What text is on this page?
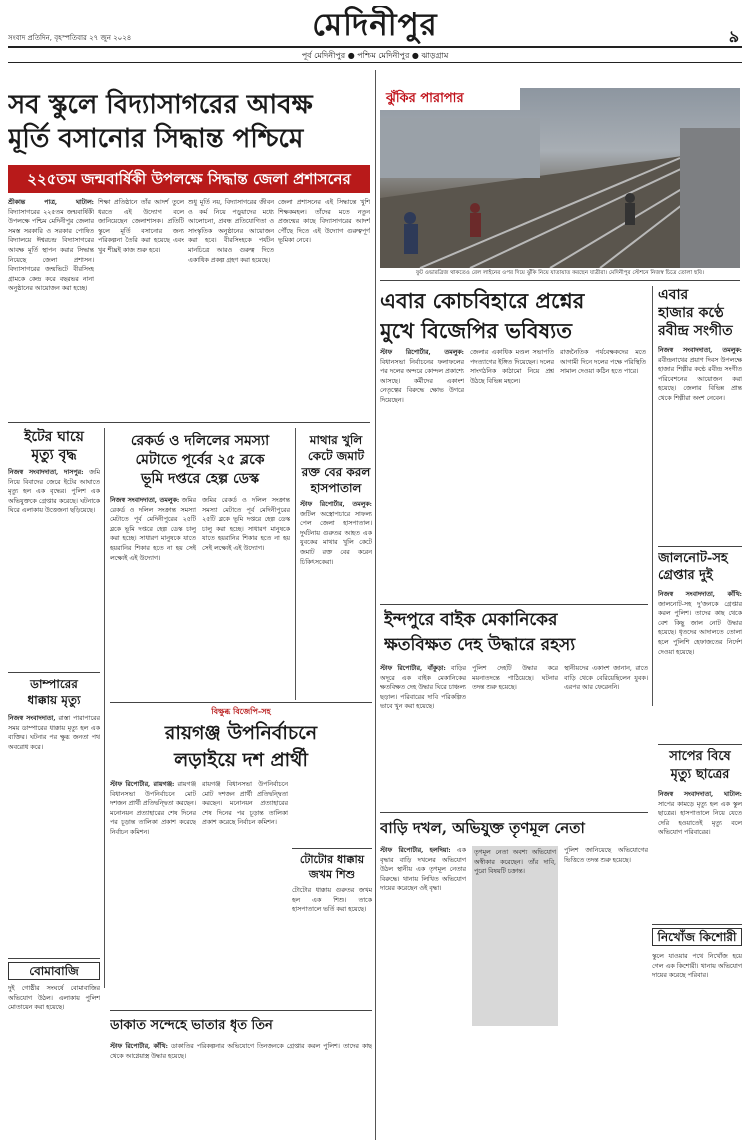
সংবাদ প্রতিদিন, বৃহস্পতিবার ২৭ জুন ২০২৪	মেদিনীপুর	৯
পূর্ব মেদিনীপুর ● পশ্চিম মেদিনীপুর ● ঝাড়গ্রাম
সব স্কুলে বিদ্যাসাগরের আবক্ষ
মূর্তি বসানোর সিদ্ধান্ত পশ্চিমে
২২৫তম জন্মবার্ষিকী উপলক্ষে সিদ্ধান্ত জেলা প্রশাসনের
শ্রীকান্ত পাত্র, ঘাটাল: বিদ্যাসাগরের ২২৫তম জন্মবার্ষিকী উপলক্ষে পশ্চিম মেদিনীপুর জেলার সমস্ত সরকারি ও সরকার পোষিত বিদ্যালয়ে ঈশ্বরচন্দ্র বিদ্যাসাগরের আবক্ষ মূর্তি স্থাপন করার সিদ্ধান্ত নিয়েছে জেলা প্রশাসন। বিদ্যাসাগরের জন্মভিটে বীরসিংহ গ্রামকে কেন্দ্র করে বছরভর নানা অনুষ্ঠানের আয়োজন করা হচ্ছে।
শিক্ষা প্রতিষ্ঠানে তাঁর আদর্শ তুলে ধরতে এই উদ্যোগ বলে জানিয়েছেন জেলাশাসক। প্রতিটি স্কুলে মূর্তি বসানোর জন্য পরিকল্পনা তৈরি করা হয়েছে এবং খুব শীঘ্রই কাজ শুরু হবে।
শুধু মূর্তি নয়, বিদ্যাসাগরের জীবন ও কর্ম নিয়ে পড়ুয়াদের মধ্যে আলোচনা, প্রবন্ধ প্রতিযোগিতা ও সাংস্কৃতিক অনুষ্ঠানের আয়োজন করা হবে। বীরসিংহকে পর্যটন মানচিত্রে আরও গুরুত্ব দিতে একাধিক প্রকল্প গ্রহণ করা হয়েছে।
জেলা প্রশাসনের এই সিদ্ধান্তে খুশি শিক্ষকমহল। তাঁদের মতে নতুন প্রজন্মের কাছে বিদ্যাসাগরের আদর্শ পৌঁছে দিতে এই উদ্যোগ গুরুত্বপূর্ণ ভূমিকা নেবে।
ঝুঁকির পারাপার
ফুট ওভারব্রিজ থাকতেও রেল লাইনের ওপর দিয়ে ঝুঁকি নিয়ে যাতায়াত করছেন যাত্রীরা। মেদিনীপুর স্টেশনে নিজস্ব চিত্রে তোলা ছবি।
এবার কোচবিহারে প্রশ্নের
মুখে বিজেপির ভবিষ্যত
স্টাফ রিপোর্টার, তমলুক: বিধানসভা নির্বাচনের ফলাফলের পর দলের অন্দরে কোন্দল প্রকাশ্যে আসছে। কর্মীদের একাংশ নেতৃত্বের বিরুদ্ধে ক্ষোভ উগরে দিয়েছেন।
জেলার একাধিক মণ্ডল সভাপতি পদত্যাগের ইঙ্গিত দিয়েছেন। দলের সাংগঠনিক কাঠামো নিয়ে প্রশ্ন উঠছে বিভিন্ন মহলে।
রাজনৈতিক পর্যবেক্ষকদের মতে আগামী দিনে দলের পক্ষে পরিস্থিতি সামাল দেওয়া কঠিন হতে পারে।
এবার
হাজার কণ্ঠে
রবীন্দ্র সংগীত
নিজস্ব সংবাদদাতা, তমলুক: রবীন্দ্রনাথের প্রয়াণ দিবস উপলক্ষে হাজার শিল্পীর কণ্ঠে রবীন্দ্র সংগীত পরিবেশনের আয়োজন করা হয়েছে। জেলার বিভিন্ন প্রান্ত থেকে শিল্পীরা অংশ নেবেন।
জালনোট-সহ
গ্রেপ্তার দুই
নিজস্ব সংবাদদাতা, কাঁথি: জালনোট-সহ দু'জনকে গ্রেপ্তার করল পুলিশ। তাদের কাছ থেকে বেশ কিছু জাল নোট উদ্ধার হয়েছে। ধৃতদের আদালতে তোলা হলে পুলিশি হেফাজতের নির্দেশ দেওয়া হয়েছে।
ইটের ঘায়ে
মৃত্যু বৃদ্ধ
নিজস্ব সংবাদদাতা, দাসপুর: জমি নিয়ে বিবাদের জেরে ইটের আঘাতে মৃত্যু হল এক বৃদ্ধের। পুলিশ এক অভিযুক্তকে গ্রেপ্তার করেছে। ঘটনাকে ঘিরে এলাকায় উত্তেজনা ছড়িয়েছে।
রেকর্ড ও দলিলের সমস্যা
মেটাতে পূর্বের ২৫ ব্লকে
ভূমি দপ্তরে হেল্প ডেস্ক
নিজস্ব সংবাদদাতা, তমলুক: জমির রেকর্ড ও দলিল সংক্রান্ত সমস্যা মেটাতে পূর্ব মেদিনীপুরের ২৫টি ব্লকে ভূমি দপ্তরে হেল্প ডেস্ক চালু করা হচ্ছে। সাধারণ মানুষকে যাতে হয়রানির শিকার হতে না হয় সেই লক্ষ্যেই এই উদ্যোগ।
জমির রেকর্ড ও দলিল সংক্রান্ত সমস্যা মেটাতে পূর্ব মেদিনীপুরের ২৫টি ব্লকে ভূমি দপ্তরে হেল্প ডেস্ক চালু করা হচ্ছে। সাধারণ মানুষকে যাতে হয়রানির শিকার হতে না হয় সেই লক্ষ্যেই এই উদ্যোগ।
মাথার খুলি
কেটে জমাট
রক্ত বের করল
হাসপাতাল
স্টাফ রিপোর্টার, তমলুক: জটিল অস্ত্রোপচারে সাফল্য পেল জেলা হাসপাতাল। দুর্ঘটনায় গুরুতর আহত এক যুবকের মাথার খুলি কেটে জমাট রক্ত বের করেন চিকিৎসকেরা।
ইন্দপুরে বাইক মেকানিকের
ক্ষতবিক্ষত দেহ উদ্ধারে রহস্য
স্টাফ রিপোর্টার, বাঁকুড়া: বাড়ির অদূরে এক বাইক মেকানিকের ক্ষতবিক্ষত দেহ উদ্ধার ঘিরে চাঞ্চল্য ছড়াল। পরিবারের দাবি পরিকল্পিত ভাবে খুন করা হয়েছে।
পুলিশ দেহটি উদ্ধার করে ময়নাতদন্তে পাঠিয়েছে। ঘটনার তদন্ত শুরু হয়েছে।
স্থানীয়দের একাংশ জানান, রাতে বাড়ি থেকে বেরিয়েছিলেন যুবক। এরপর আর ফেরেননি।
বিক্ষুব্ধ বিজেপি-সহ
রায়গঞ্জ উপনির্বাচনে
লড়াইয়ে দশ প্রার্থী
স্টাফ রিপোর্টার, রায়গঞ্জ: রায়গঞ্জ বিধানসভা উপনির্বাচনে মোট দশজন প্রার্থী প্রতিদ্বন্দ্বিতা করছেন। মনোনয়ন প্রত্যাহারের শেষ দিনের পর চূড়ান্ত তালিকা প্রকাশ করেছে নির্বাচন কমিশন।
রায়গঞ্জ বিধানসভা উপনির্বাচনে মোট দশজন প্রার্থী প্রতিদ্বন্দ্বিতা করছেন। মনোনয়ন প্রত্যাহারের শেষ দিনের পর চূড়ান্ত তালিকা প্রকাশ করেছে নির্বাচন কমিশন।
ডাম্পারের
ধাক্কায় মৃত্যু
নিজস্ব সংবাদদাতা, রাস্তা পারাপারের সময় ডাম্পারের ধাক্কায় মৃত্যু হল এক ব্যক্তির। ঘটনার পর ক্ষুব্ধ জনতা পথ অবরোধ করে।
টোটোর ধাক্কায়
জখম শিশু
টোটোর ধাক্কায় গুরুতর জখম হল এক শিশু। তাকে হাসপাতালে ভর্তি করা হয়েছে।
বাড়ি দখল, অভিযুক্ত তৃণমূল নেতা
স্টাফ রিপোর্টার, হলদিয়া: এক বৃদ্ধার বাড়ি দখলের অভিযোগ উঠল স্থানীয় এক তৃণমূল নেতার বিরুদ্ধে। থানায় লিখিত অভিযোগ দায়ের করেছেন ওই বৃদ্ধা।
তৃণমূল নেতা অবশ্য অভিযোগ অস্বীকার করেছেন। তাঁর দাবি, পুরো বিষয়টি চক্রান্ত।
পুলিশ জানিয়েছে অভিযোগের ভিত্তিতে তদন্ত শুরু হয়েছে।
সাপের বিষে
মৃত্যু ছাত্রের
নিজস্ব সংবাদদাতা, ঘাটাল: সাপের কামড়ে মৃত্যু হল এক স্কুল ছাত্রের। হাসপাতালে নিয়ে যেতে দেরি হওয়াতেই মৃত্যু বলে অভিযোগ পরিবারের।
বোমাবাজি
দুই গোষ্ঠীর সংঘর্ষে বোমাবাজির অভিযোগ উঠল। এলাকায় পুলিশ মোতায়েন করা হয়েছে।
ডাকাত সন্দেহে ভাতার ধৃত তিন
স্টাফ রিপোর্টার, কাঁথি: ডাকাতির পরিকল্পনার অভিযোগে তিনজনকে গ্রেপ্তার করল পুলিশ। তাদের কাছ থেকে আগ্নেয়াস্ত্র উদ্ধার হয়েছে।
নিখোঁজ কিশোরী
স্কুলে যাওয়ার পথে নিখোঁজ হয়ে গেল এক কিশোরী। থানায় অভিযোগ দায়ের করেছে পরিবার।
